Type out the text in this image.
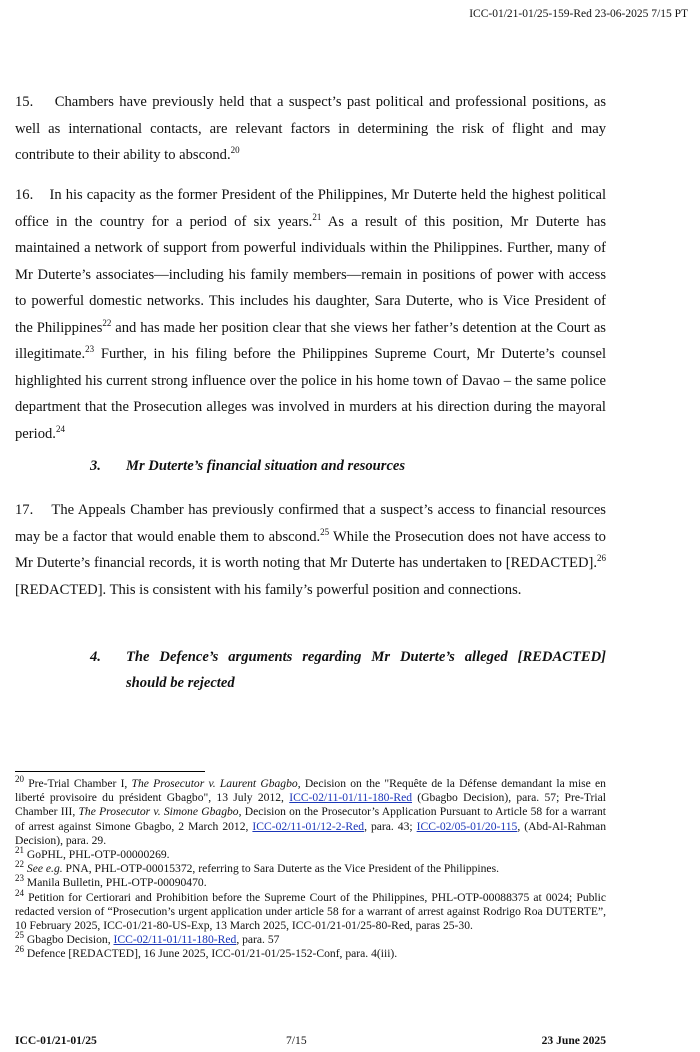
ICC-01/21-01/25-159-Red 23-06-2025 7/15 PT
15. Chambers have previously held that a suspect’s past political and professional positions, as well as international contacts, are relevant factors in determining the risk of flight and may contribute to their ability to abscond.$^{20}$
16. In his capacity as the former President of the Philippines, Mr Duterte held the highest political office in the country for a period of six years.$^{21}$ As a result of this position, Mr Duterte has maintained a network of support from powerful individuals within the Philippines. Further, many of Mr Duterte’s associates—including his family members—remain in positions of power with access to powerful domestic networks. This includes his daughter, Sara Duterte, who is Vice President of the Philippines$^{22}$ and has made her position clear that she views her father’s detention at the Court as illegitimate.$^{23}$ Further, in his filing before the Philippines Supreme Court, Mr Duterte’s counsel highlighted his current strong influence over the police in his home town of Davao – the same police department that the Prosecution alleges was involved in murders at his direction during the mayoral period.$^{24}$
3. Mr Duterte’s financial situation and resources
17. The Appeals Chamber has previously confirmed that a suspect’s access to financial resources may be a factor that would enable them to abscond.$^{25}$ While the Prosecution does not have access to Mr Duterte’s financial records, it is worth noting that Mr Duterte has undertaken to [REDACTED].$^{26}$ [REDACTED]. This is consistent with his family’s powerful position and connections.
4.	The Defence’s arguments regarding Mr Duterte’s alleged [REDACTED] should be rejected
$^{20}$ Pre-Trial Chamber I, The Prosecutor v. Laurent Gbagbo, Decision on the "Requête de la Défense demandant la mise en liberté provisoire du président Gbagbo", 13 July 2012, ICC-02/11-01/11-180-Red (Gbagbo Decision), para. 57; Pre-Trial Chamber III, The Prosecutor v. Simone Gbagbo, Decision on the Prosecutor’s Application Pursuant to Article 58 for a warrant of arrest against Simone Gbagbo, 2 March 2012, ICC-02/11-01/12-2-Red, para. 43; ICC-02/05-01/20-115, (Abd-Al-Rahman Decision), para. 29.
$^{21}$ GoPHL, PHL-OTP-00000269.
$^{22}$ See e.g. PNA, PHL-OTP-00015372, referring to Sara Duterte as the Vice President of the Philippines.
$^{23}$ Manila Bulletin, PHL-OTP-00090470.
$^{24}$ Petition for Certiorari and Prohibition before the Supreme Court of the Philippines, PHL-OTP-00088375 at 0024; Public redacted version of “Prosecution’s urgent application under article 58 for a warrant of arrest against Rodrigo Roa DUTERTE”, 10 February 2025, ICC-01/21-80-US-Exp, 13 March 2025, ICC-01/21-01/25-80-Red, paras 25-30.
$^{25}$ Gbagbo Decision, ICC-02/11-01/11-180-Red, para. 57
$^{26}$ Defence [REDACTED], 16 June 2025, ICC-01/21-01/25-152-Conf, para. 4(iii).
ICC-01/21-01/25	7/15	23 June 2025
